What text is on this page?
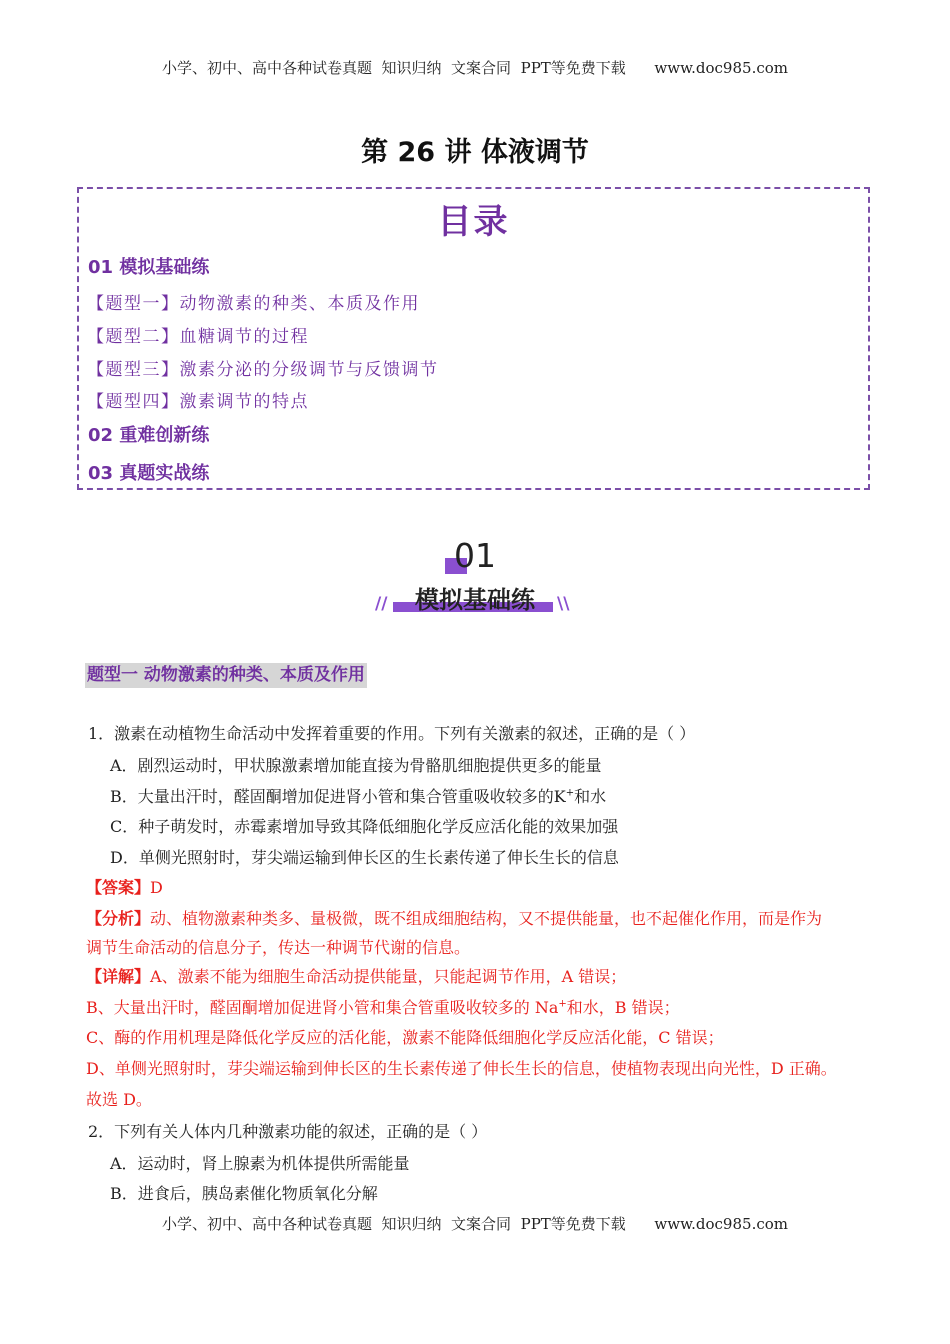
小学、初中、高中各种试卷真题  知识归纳  文案合同  PPT等免费下载      www.doc985.com
第 26 讲 体液调节
目录
01 模拟基础练
【题型一】动物激素的种类、本质及作用
【题型二】血糖调节的过程
【题型三】激素分泌的分级调节与反馈调节
【题型四】激素调节的特点
02 重难创新练
03 真题实战练
01
模拟基础练
//	\\
题型一 动物激素的种类、本质及作用
1．激素在动植物生命活动中发挥着重要的作用。下列有关激素的叙述，正确的是（ ）
A．剧烈运动时，甲状腺激素增加能直接为骨骼肌细胞提供更多的能量
B．大量出汗时，醛固酮增加促进肾小管和集合管重吸收较多的K+和水
C．种子萌发时，赤霉素增加导致其降低细胞化学反应活化能的效果加强
D．单侧光照射时，芽尖端运输到伸长区的生长素传递了伸长生长的信息
【答案】D
【分析】动、植物激素种类多、量极微，既不组成细胞结构，又不提供能量，也不起催化作用，而是作为
调节生命活动的信息分子，传达一种调节代谢的信息。
【详解】A、激素不能为细胞生命活动提供能量，只能起调节作用，A 错误；
B、大量出汗时，醛固酮增加促进肾小管和集合管重吸收较多的 Na+和水，B 错误；
C、酶的作用机理是降低化学反应的活化能，激素不能降低细胞化学反应活化能，C 错误；
D、单侧光照射时，芽尖端运输到伸长区的生长素传递了伸长生长的信息，使植物表现出向光性，D 正确。
故选 D。
2．下列有关人体内几种激素功能的叙述，正确的是（ ）
A．运动时，肾上腺素为机体提供所需能量
B．进食后，胰岛素催化物质氧化分解
小学、初中、高中各种试卷真题  知识归纳  文案合同  PPT等免费下载      www.doc985.com
